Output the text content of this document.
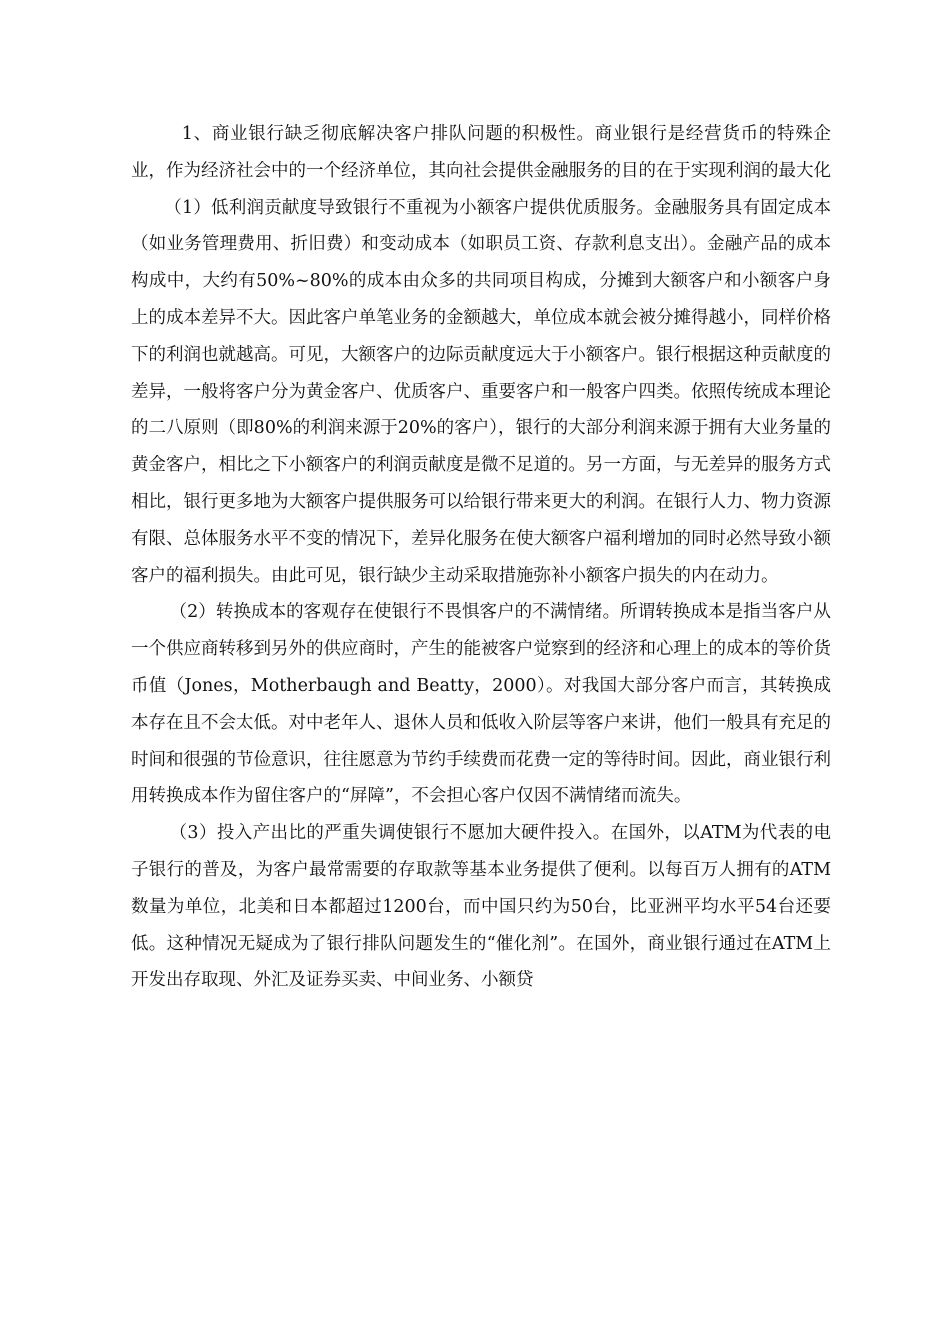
1、商业银行缺乏彻底解决客户排队问题的积极性。商业银行是经营货币的特殊企业，作为经济社会中的一个经济单位，其向社会提供金融服务的目的在于实现利润的最大化

（1）低利润贡献度导致银行不重视为小额客户提供优质服务。金融服务具有固定成本（如业务管理费用、折旧费）和变动成本（如职员工资、存款利息支出）。金融产品的成本构成中，大约有50%~80%的成本由众多的共同项目构成，分摊到大额客户和小额客户身上的成本差异不大。因此客户单笔业务的金额越大，单位成本就会被分摊得越小，同样价格下的利润也就越高。可见，大额客户的边际贡献度远大于小额客户。银行根据这种贡献度的差异，一般将客户分为黄金客户、优质客户、重要客户和一般客户四类。依照传统成本理论的二八原则（即80%的利润来源于20%的客户），银行的大部分利润来源于拥有大业务量的黄金客户，相比之下小额客户的利润贡献度是微不足道的。另一方面，与无差异的服务方式相比，银行更多地为大额客户提供服务可以给银行带来更大的利润。在银行人力、物力资源有限、总体服务水平不变的情况下，差异化服务在使大额客户福利增加的同时必然导致小额客户的福利损失。由此可见，银行缺少主动采取措施弥补小额客户损失的内在动力。

（2）转换成本的客观存在使银行不畏惧客户的不满情绪。所谓转换成本是指当客户从一个供应商转移到另外的供应商时，产生的能被客户觉察到的经济和心理上的成本的等价货币值（Jones，Motherbaugh and Beatty，2000）。对我国大部分客户而言，其转换成本存在且不会太低。对中老年人、退休人员和低收入阶层等客户来讲，他们一般具有充足的时间和很强的节俭意识，往往愿意为节约手续费而花费一定的等待时间。因此，商业银行利用转换成本作为留住客户的“屏障”，不会担心客户仅因不满情绪而流失。

（3）投入产出比的严重失调使银行不愿加大硬件投入。在国外，以ATM为代表的电子银行的普及，为客户最常需要的存取款等基本业务提供了便利。以每百万人拥有的ATM数量为单位，北美和日本都超过1200台，而中国只约为50台，比亚洲平均水平54台还要低。这种情况无疑成为了银行排队问题发生的“催化剂”。在国外，商业银行通过在ATM上开发出存取现、外汇及证券买卖、中间业务、小额贷
